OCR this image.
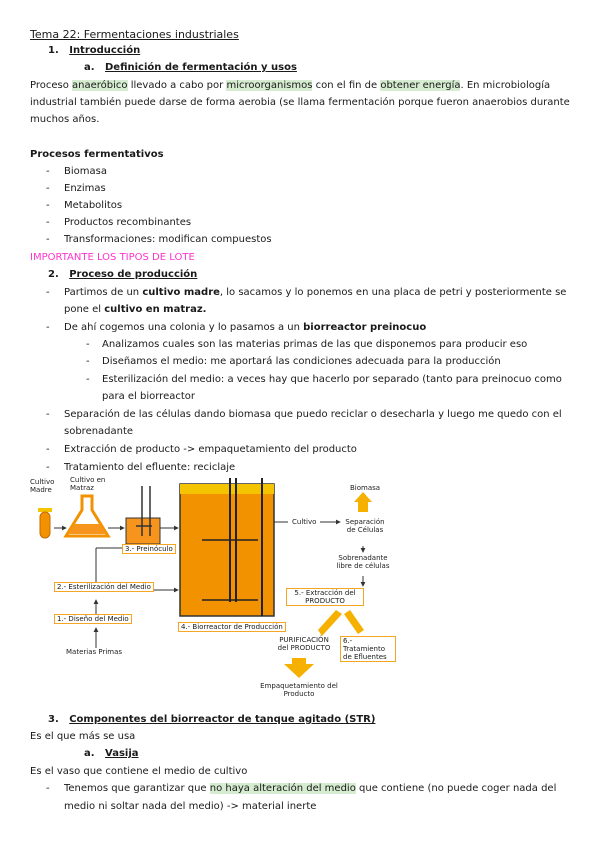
Tema 22: Fermentaciones industriales
1. Introducción
a. Definición de fermentación y usos
Proceso anaeróbico llevado a cabo por microorganismos con el fin de obtener energía. En microbiología
industrial también puede darse de forma aerobia (se llama fermentación porque fueron anaerobios durante
muchos años.
Procesos fermentativos
- Biomasa
- Enzimas
- Metabolitos
- Productos recombinantes
- Transformaciones: modifican compuestos
IMPORTANTE LOS TIPOS DE LOTE
2. Proceso de producción
- Partimos de un cultivo madre, lo sacamos y lo ponemos en una placa de petri y posteriormente se
pone el cultivo en matraz.
- De ahí cogemos una colonia y lo pasamos a un biorreactor preinocuo
- Analizamos cuales son las materias primas de las que disponemos para producir eso
- Diseñamos el medio: me aportará las condiciones adecuada para la producción
- Esterilización del medio: a veces hay que hacerlo por separado (tanto para preinocuo como
para el biorreactor
- Separación de las células dando biomasa que puedo reciclar o desecharla y luego me quedo con el
sobrenadante
- Extracción de producto -> empaquetamiento del producto
- Tratamiento del efluente: reciclaje
Cultivo Madre
Cultivo en Matraz
3.- Preinóculo
2.- Esterilización del Medio
1.- Diseño del Medio
Materias Primas
4.- Biorreactor de Producción
Cultivo
Biomasa
Separación de Células
Sobrenadante libre de células
5.- Extracción del PRODUCTO
PURIFICACIÓN del PRODUCTO
6.- Tratamiento de Efluentes
Empaquetamiento del Producto
3. Componentes del biorreactor de tanque agitado (STR)
Es el que más se usa
a. Vasija
Es el vaso que contiene el medio de cultivo
- Tenemos que garantizar que no haya alteración del medio que contiene (no puede coger nada del
medio ni soltar nada del medio) -> material inerte
